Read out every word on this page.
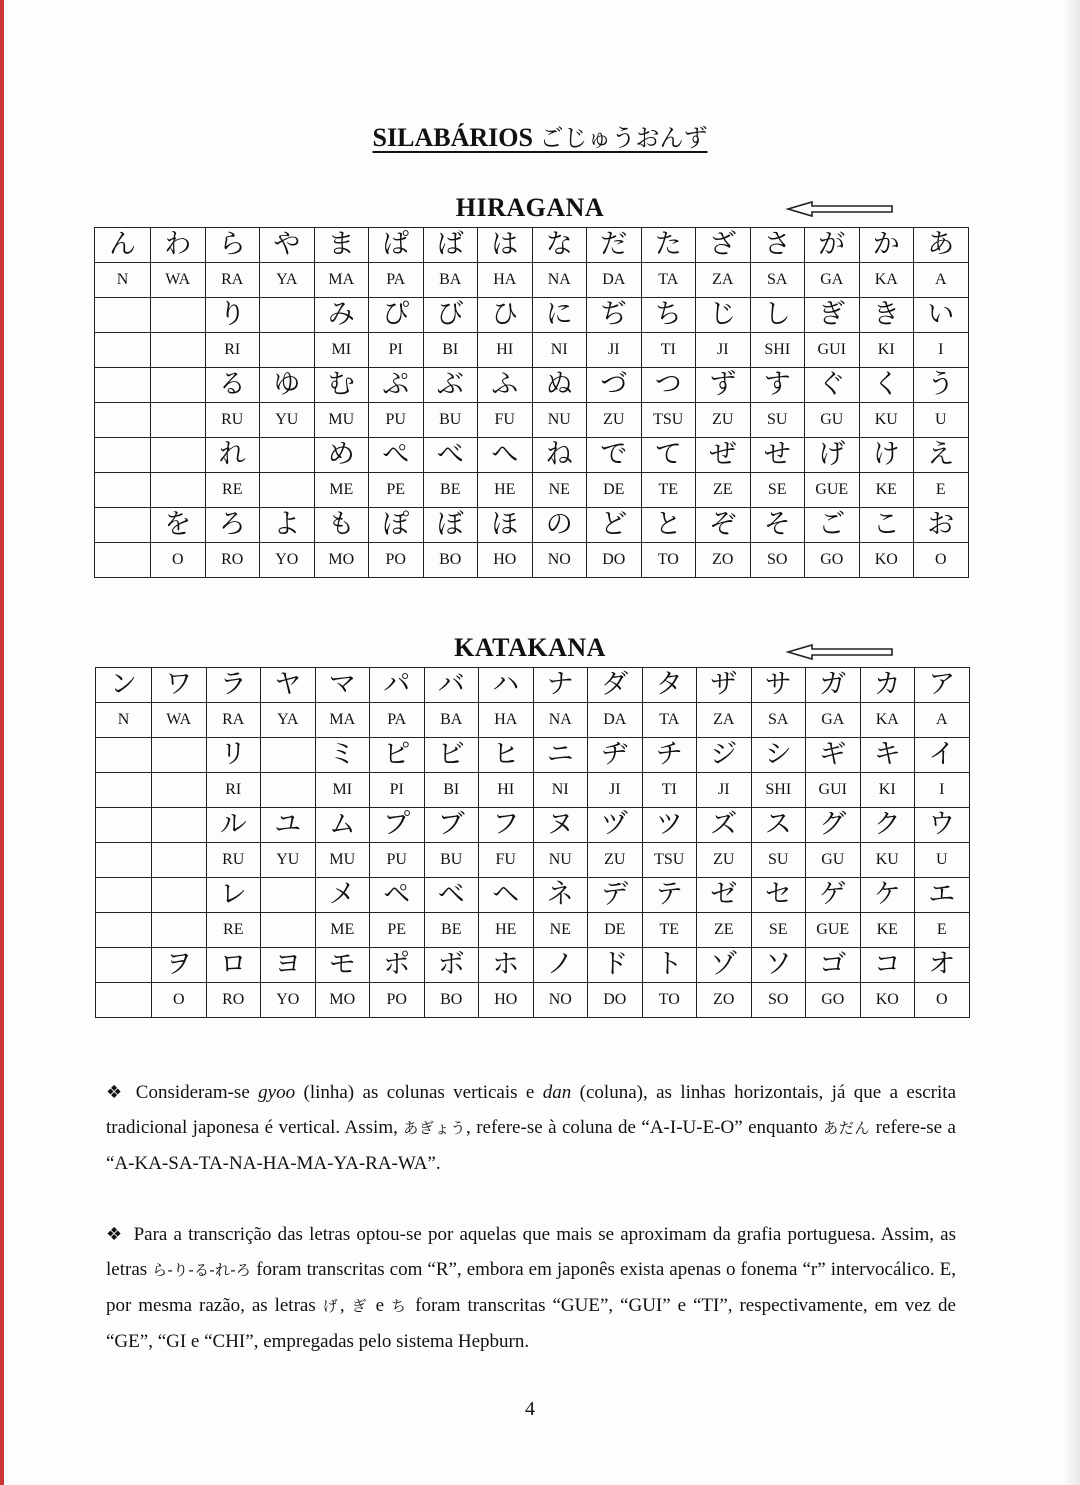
SILABÁRIOS ごじゅうおんず
HIRAGANA
ん	わ	ら	や	ま	ぱ	ば	は	な	だ	た	ざ	さ	が	か	あ
N	WA	RA	YA	MA	PA	BA	HA	NA	DA	TA	ZA	SA	GA	KA	A
		り		み	ぴ	び	ひ	に	ぢ	ち	じ	し	ぎ	き	い
		RI		MI	PI	BI	HI	NI	JI	TI	JI	SHI	GUI	KI	I
		る	ゆ	む	ぷ	ぶ	ふ	ぬ	づ	つ	ず	す	ぐ	く	う
		RU	YU	MU	PU	BU	FU	NU	ZU	TSU	ZU	SU	GU	KU	U
		れ		め	ぺ	べ	へ	ね	で	て	ぜ	せ	げ	け	え
		RE		ME	PE	BE	HE	NE	DE	TE	ZE	SE	GUE	KE	E
	を	ろ	よ	も	ぽ	ぼ	ほ	の	ど	と	ぞ	そ	ご	こ	お
	O	RO	YO	MO	PO	BO	HO	NO	DO	TO	ZO	SO	GO	KO	O
KATAKANA
ン	ワ	ラ	ヤ	マ	パ	バ	ハ	ナ	ダ	タ	ザ	サ	ガ	カ	ア
N	WA	RA	YA	MA	PA	BA	HA	NA	DA	TA	ZA	SA	GA	KA	A
		リ		ミ	ピ	ビ	ヒ	ニ	ヂ	チ	ジ	シ	ギ	キ	イ
		RI		MI	PI	BI	HI	NI	JI	TI	JI	SHI	GUI	KI	I
		ル	ユ	ム	プ	ブ	フ	ヌ	ヅ	ツ	ズ	ス	グ	ク	ウ
		RU	YU	MU	PU	BU	FU	NU	ZU	TSU	ZU	SU	GU	KU	U
		レ		メ	ペ	ベ	ヘ	ネ	デ	テ	ゼ	セ	ゲ	ケ	エ
		RE		ME	PE	BE	HE	NE	DE	TE	ZE	SE	GUE	KE	E
	ヲ	ロ	ヨ	モ	ポ	ボ	ホ	ノ	ド	ト	ゾ	ソ	ゴ	コ	オ
	O	RO	YO	MO	PO	BO	HO	NO	DO	TO	ZO	SO	GO	KO	O
❖ Consideram-se gyoo (linha) as colunas verticais e dan (coluna), as linhas horizontais, já que a escrita tradicional japonesa é vertical. Assim, あぎょう, refere-se à coluna de “A-I-U-E-O” enquanto あだん refere-se a “A-KA-SA-TA-NA-HA-MA-YA-RA-WA”.
❖ Para a transcrição das letras optou-se por aquelas que mais se aproximam da grafia portuguesa. Assim, as letras ら-り-る-れ-ろ foram transcritas com “R”, embora em japonês exista apenas o fonema “r” intervocálico. E, por mesma razão, as letras げ, ぎ e ち foram transcritas “GUE”, “GUI” e “TI”, respectivamente, em vez de “GE”, “GI e “CHI”, empregadas pelo sistema Hepburn.
4
